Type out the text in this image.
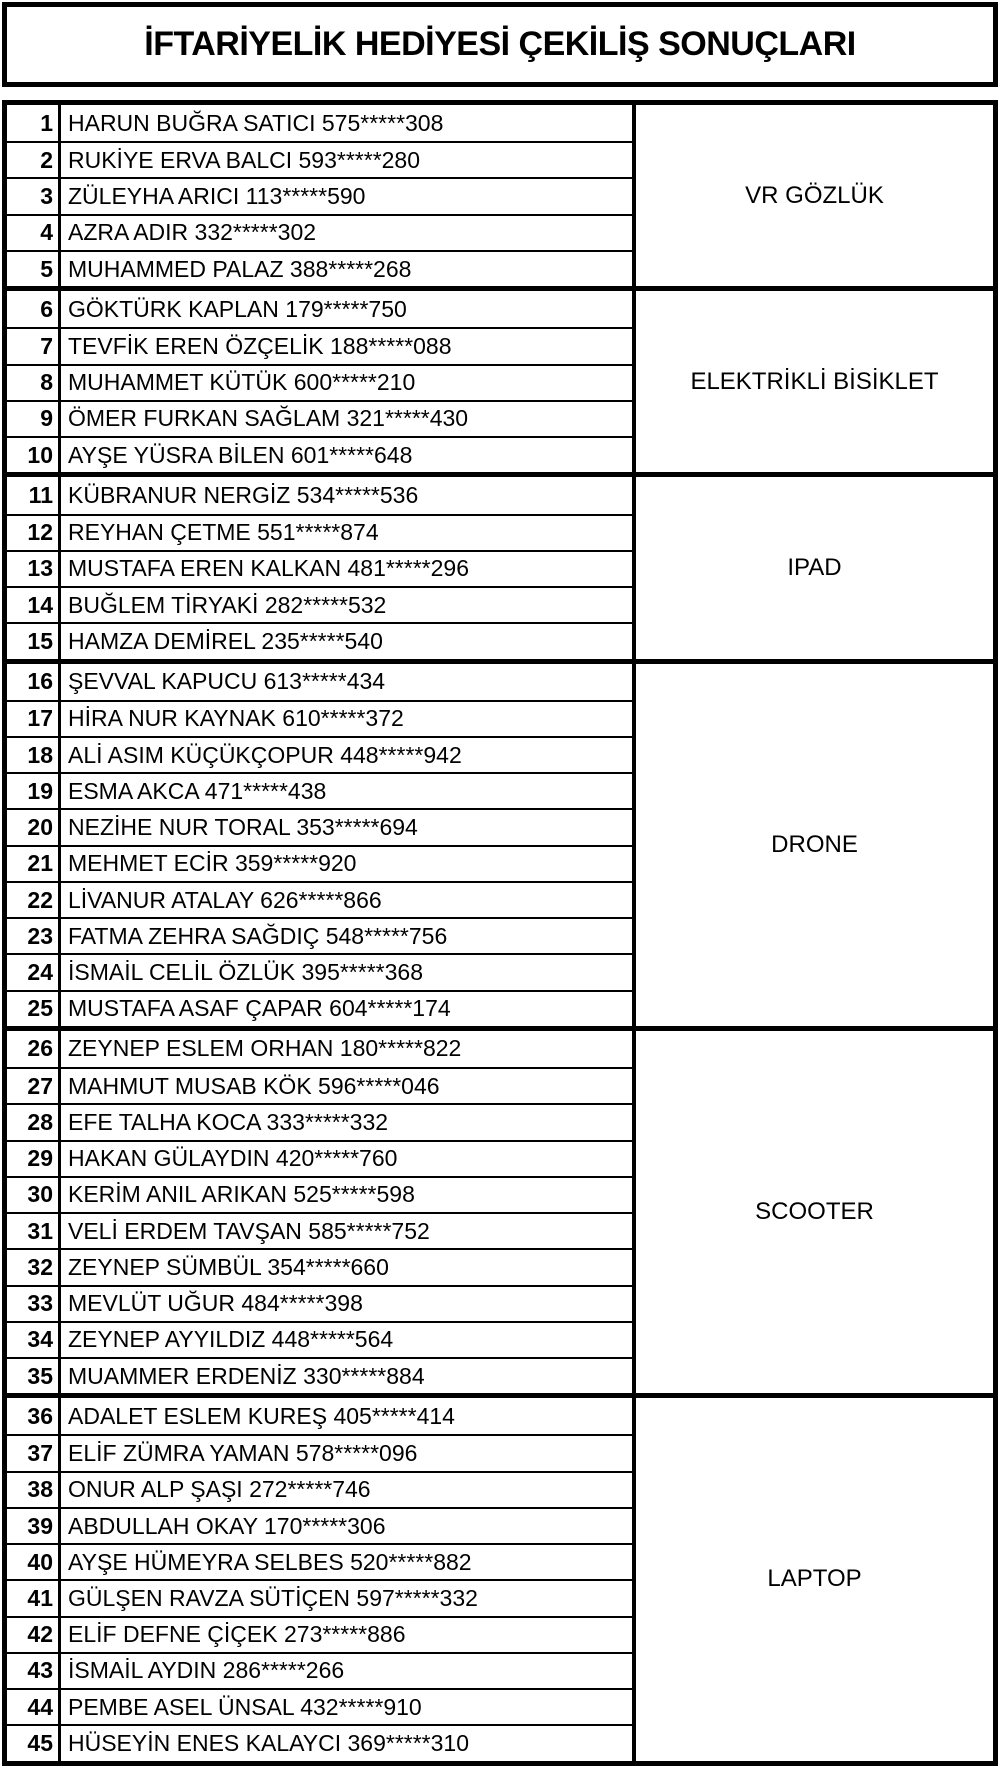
İFTARİYELİK HEDİYESİ ÇEKİLİŞ SONUÇLARI
1 HARUN BUĞRA SATICI 575*****308
2 RUKİYE ERVA BALCI 593*****280
3 ZÜLEYHA ARICI 113*****590
4 AZRA ADIR 332*****302
5 MUHAMMED PALAZ 388*****268
VR GÖZLÜK
6 GÖKTÜRK KAPLAN 179*****750
7 TEVFİK EREN ÖZÇELİK 188*****088
8 MUHAMMET KÜTÜK 600*****210
9 ÖMER FURKAN SAĞLAM 321*****430
10 AYŞE YÜSRA BİLEN 601*****648
ELEKTRİKLİ BİSİKLET
11 KÜBRANUR NERGİZ 534*****536
12 REYHAN ÇETME 551*****874
13 MUSTAFA EREN KALKAN 481*****296
14 BUĞLEM TİRYAKİ 282*****532
15 HAMZA DEMİREL 235*****540
IPAD
16 ŞEVVAL KAPUCU 613*****434
17 HİRA NUR KAYNAK 610*****372
18 ALİ ASIM KÜÇÜKÇOPUR 448*****942
19 ESMA AKCA 471*****438
20 NEZİHE NUR TORAL 353*****694
21 MEHMET ECİR 359*****920
22 LİVANUR ATALAY 626*****866
23 FATMA ZEHRA SAĞDIÇ 548*****756
24 İSMAİL CELİL ÖZLÜK 395*****368
25 MUSTAFA ASAF ÇAPAR 604*****174
DRONE
26 ZEYNEP ESLEM ORHAN 180*****822
27 MAHMUT MUSAB KÖK 596*****046
28 EFE TALHA KOCA 333*****332
29 HAKAN GÜLAYDIN 420*****760
30 KERİM ANIL ARIKAN 525*****598
31 VELİ ERDEM TAVŞAN 585*****752
32 ZEYNEP SÜMBÜL 354*****660
33 MEVLÜT UĞUR 484*****398
34 ZEYNEP AYYILDIZ 448*****564
35 MUAMMER ERDENİZ 330*****884
SCOOTER
36 ADALET ESLEM KUREŞ 405*****414
37 ELİF ZÜMRA YAMAN 578*****096
38 ONUR ALP ŞAŞI 272*****746
39 ABDULLAH OKAY 170*****306
40 AYŞE HÜMEYRA SELBES 520*****882
41 GÜLŞEN RAVZA SÜTİÇEN 597*****332
42 ELİF DEFNE ÇİÇEK 273*****886
43 İSMAİL AYDIN 286*****266
44 PEMBE ASEL ÜNSAL 432*****910
45 HÜSEYİN ENES KALAYCI 369*****310
LAPTOP
